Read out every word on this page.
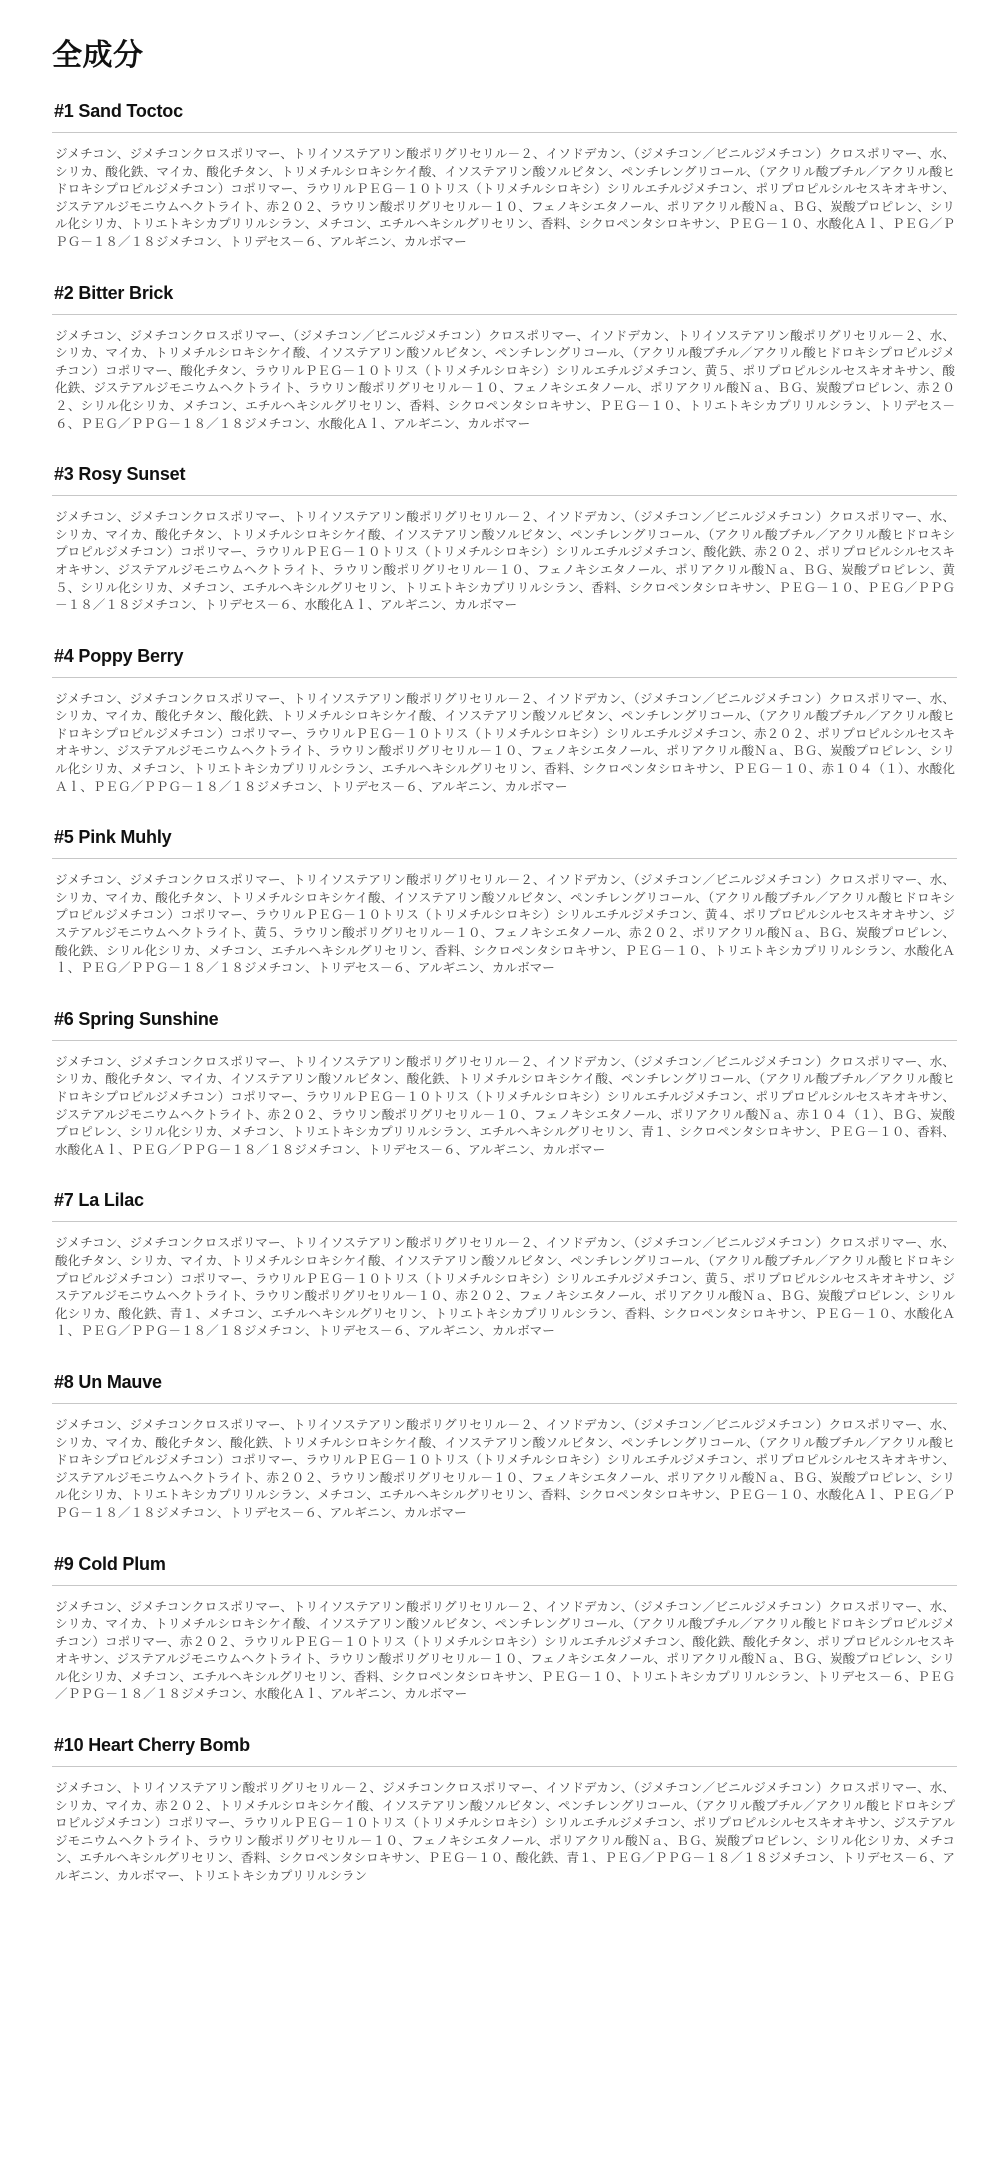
全成分
#1 Sand Toctoc

ジメチコン、ジメチコンクロスポリマー、トリイソステアリン酸ポリグリセリル－２、イソドデカン、（ジメチコン／ビニルジメチコン）クロスポリマー、水、シリカ、酸化鉄、マイカ、酸化チタン、トリメチルシロキシケイ酸、イソステアリン酸ソルビタン、ペンチレングリコール、（アクリル酸ブチル／アクリル酸ヒドロキシプロピルジメチコン）コポリマー、ラウリルＰＥＧ－１０トリス（トリメチルシロキシ）シリルエチルジメチコン、ポリプロピルシルセスキオキサン、ジステアルジモニウムヘクトライト、赤２０２、ラウリン酸ポリグリセリル－１０、フェノキシエタノール、ポリアクリル酸Ｎａ、ＢＧ、炭酸プロピレン、シリル化シリカ、トリエトキシカプリリルシラン、メチコン、エチルヘキシルグリセリン、香料、シクロペンタシロキサン、ＰＥＧ－１０、水酸化Ａｌ、ＰＥＧ／ＰＰＧ－１８／１８ジメチコン、トリデセス－６、アルギニン、カルボマー

#2 Bitter Brick

ジメチコン、ジメチコンクロスポリマー、（ジメチコン／ビニルジメチコン）クロスポリマー、イソドデカン、トリイソステアリン酸ポリグリセリル－２、水、シリカ、マイカ、トリメチルシロキシケイ酸、イソステアリン酸ソルビタン、ペンチレングリコール、（アクリル酸ブチル／アクリル酸ヒドロキシプロピルジメチコン）コポリマー、酸化チタン、ラウリルＰＥＧ－１０トリス（トリメチルシロキシ）シリルエチルジメチコン、黄５、ポリプロピルシルセスキオキサン、酸化鉄、ジステアルジモニウムヘクトライト、ラウリン酸ポリグリセリル－１０、フェノキシエタノール、ポリアクリル酸Ｎａ、ＢＧ、炭酸プロピレン、赤２０２、シリル化シリカ、メチコン、エチルヘキシルグリセリン、香料、シクロペンタシロキサン、ＰＥＧ－１０、トリエトキシカプリリルシラン、トリデセス－６、ＰＥＧ／ＰＰＧ－１８／１８ジメチコン、水酸化Ａｌ、アルギニン、カルボマー

#3 Rosy Sunset

ジメチコン、ジメチコンクロスポリマー、トリイソステアリン酸ポリグリセリル－２、イソドデカン、（ジメチコン／ビニルジメチコン）クロスポリマー、水、シリカ、マイカ、酸化チタン、トリメチルシロキシケイ酸、イソステアリン酸ソルビタン、ペンチレングリコール、（アクリル酸ブチル／アクリル酸ヒドロキシプロピルジメチコン）コポリマー、ラウリルＰＥＧ－１０トリス（トリメチルシロキシ）シリルエチルジメチコン、酸化鉄、赤２０２、ポリプロピルシルセスキオキサン、ジステアルジモニウムヘクトライト、ラウリン酸ポリグリセリル－１０、フェノキシエタノール、ポリアクリル酸Ｎａ、ＢＧ、炭酸プロピレン、黄５、シリル化シリカ、メチコン、エチルヘキシルグリセリン、トリエトキシカプリリルシラン、香料、シクロペンタシロキサン、ＰＥＧ－１０、ＰＥＧ／ＰＰＧ－１８／１８ジメチコン、トリデセス－６、水酸化Ａｌ、アルギニン、カルボマー

#4 Poppy Berry

ジメチコン、ジメチコンクロスポリマー、トリイソステアリン酸ポリグリセリル－２、イソドデカン、（ジメチコン／ビニルジメチコン）クロスポリマー、水、シリカ、マイカ、酸化チタン、酸化鉄、トリメチルシロキシケイ酸、イソステアリン酸ソルビタン、ペンチレングリコール、（アクリル酸ブチル／アクリル酸ヒドロキシプロピルジメチコン）コポリマー、ラウリルＰＥＧ－１０トリス（トリメチルシロキシ）シリルエチルジメチコン、赤２０２、ポリプロピルシルセスキオキサン、ジステアルジモニウムヘクトライト、ラウリン酸ポリグリセリル－１０、フェノキシエタノール、ポリアクリル酸Ｎａ、ＢＧ、炭酸プロピレン、シリル化シリカ、メチコン、トリエトキシカプリリルシラン、エチルヘキシルグリセリン、香料、シクロペンタシロキサン、ＰＥＧ－１０、赤１０４（１）、水酸化Ａｌ、ＰＥＧ／ＰＰＧ－１８／１８ジメチコン、トリデセス－６、アルギニン、カルボマー

#5 Pink Muhly

ジメチコン、ジメチコンクロスポリマー、トリイソステアリン酸ポリグリセリル－２、イソドデカン、（ジメチコン／ビニルジメチコン）クロスポリマー、水、シリカ、マイカ、酸化チタン、トリメチルシロキシケイ酸、イソステアリン酸ソルビタン、ペンチレングリコール、（アクリル酸ブチル／アクリル酸ヒドロキシプロピルジメチコン）コポリマー、ラウリルＰＥＧ－１０トリス（トリメチルシロキシ）シリルエチルジメチコン、黄４、ポリプロピルシルセスキオキサン、ジステアルジモニウムヘクトライト、黄５、ラウリン酸ポリグリセリル－１０、フェノキシエタノール、赤２０２、ポリアクリル酸Ｎａ、ＢＧ、炭酸プロピレン、酸化鉄、シリル化シリカ、メチコン、エチルヘキシルグリセリン、香料、シクロペンタシロキサン、ＰＥＧ－１０、トリエトキシカプリリルシラン、水酸化Ａｌ、ＰＥＧ／ＰＰＧ－１８／１８ジメチコン、トリデセス－６、アルギニン、カルボマー

#6 Spring Sunshine

ジメチコン、ジメチコンクロスポリマー、トリイソステアリン酸ポリグリセリル－２、イソドデカン、（ジメチコン／ビニルジメチコン）クロスポリマー、水、シリカ、酸化チタン、マイカ、イソステアリン酸ソルビタン、酸化鉄、トリメチルシロキシケイ酸、ペンチレングリコール、（アクリル酸ブチル／アクリル酸ヒドロキシプロピルジメチコン）コポリマー、ラウリルＰＥＧ－１０トリス（トリメチルシロキシ）シリルエチルジメチコン、ポリプロピルシルセスキオキサン、ジステアルジモニウムヘクトライト、赤２０２、ラウリン酸ポリグリセリル－１０、フェノキシエタノール、ポリアクリル酸Ｎａ、赤１０４（１）、ＢＧ、炭酸プロピレン、シリル化シリカ、メチコン、トリエトキシカプリリルシラン、エチルヘキシルグリセリン、青１、シクロペンタシロキサン、ＰＥＧ－１０、香料、水酸化Ａｌ、ＰＥＧ／ＰＰＧ－１８／１８ジメチコン、トリデセス－６、アルギニン、カルボマー

#7 La Lilac

ジメチコン、ジメチコンクロスポリマー、トリイソステアリン酸ポリグリセリル－２、イソドデカン、（ジメチコン／ビニルジメチコン）クロスポリマー、水、酸化チタン、シリカ、マイカ、トリメチルシロキシケイ酸、イソステアリン酸ソルビタン、ペンチレングリコール、（アクリル酸ブチル／アクリル酸ヒドロキシプロピルジメチコン）コポリマー、ラウリルＰＥＧ－１０トリス（トリメチルシロキシ）シリルエチルジメチコン、黄５、ポリプロピルシルセスキオキサン、ジステアルジモニウムヘクトライト、ラウリン酸ポリグリセリル－１０、赤２０２、フェノキシエタノール、ポリアクリル酸Ｎａ、ＢＧ、炭酸プロピレン、シリル化シリカ、酸化鉄、青１、メチコン、エチルヘキシルグリセリン、トリエトキシカプリリルシラン、香料、シクロペンタシロキサン、ＰＥＧ－１０、水酸化Ａｌ、ＰＥＧ／ＰＰＧ－１８／１８ジメチコン、トリデセス－６、アルギニン、カルボマー

#8 Un Mauve

ジメチコン、ジメチコンクロスポリマー、トリイソステアリン酸ポリグリセリル－２、イソドデカン、（ジメチコン／ビニルジメチコン）クロスポリマー、水、シリカ、マイカ、酸化チタン、酸化鉄、トリメチルシロキシケイ酸、イソステアリン酸ソルビタン、ペンチレングリコール、（アクリル酸ブチル／アクリル酸ヒドロキシプロピルジメチコン）コポリマー、ラウリルＰＥＧ－１０トリス（トリメチルシロキシ）シリルエチルジメチコン、ポリプロピルシルセスキオキサン、ジステアルジモニウムヘクトライト、赤２０２、ラウリン酸ポリグリセリル－１０、フェノキシエタノール、ポリアクリル酸Ｎａ、ＢＧ、炭酸プロピレン、シリル化シリカ、トリエトキシカプリリルシラン、メチコン、エチルヘキシルグリセリン、香料、シクロペンタシロキサン、ＰＥＧ－１０、水酸化Ａｌ、ＰＥＧ／ＰＰＧ－１８／１８ジメチコン、トリデセス－６、アルギニン、カルボマー

#9 Cold Plum

ジメチコン、ジメチコンクロスポリマー、トリイソステアリン酸ポリグリセリル－２、イソドデカン、（ジメチコン／ビニルジメチコン）クロスポリマー、水、シリカ、マイカ、トリメチルシロキシケイ酸、イソステアリン酸ソルビタン、ペンチレングリコール、（アクリル酸ブチル／アクリル酸ヒドロキシプロピルジメチコン）コポリマー、赤２０２、ラウリルＰＥＧ－１０トリス（トリメチルシロキシ）シリルエチルジメチコン、酸化鉄、酸化チタン、ポリプロピルシルセスキオキサン、ジステアルジモニウムヘクトライト、ラウリン酸ポリグリセリル－１０、フェノキシエタノール、ポリアクリル酸Ｎａ、ＢＧ、炭酸プロピレン、シリル化シリカ、メチコン、エチルヘキシルグリセリン、香料、シクロペンタシロキサン、ＰＥＧ－１０、トリエトキシカプリリルシラン、トリデセス－６、ＰＥＧ／ＰＰＧ－１８／１８ジメチコン、水酸化Ａｌ、アルギニン、カルボマー

#10 Heart Cherry Bomb

ジメチコン、トリイソステアリン酸ポリグリセリル－２、ジメチコンクロスポリマー、イソドデカン、（ジメチコン／ビニルジメチコン）クロスポリマー、水、シリカ、マイカ、赤２０２、トリメチルシロキシケイ酸、イソステアリン酸ソルビタン、ペンチレングリコール、（アクリル酸ブチル／アクリル酸ヒドロキシプロピルジメチコン）コポリマー、ラウリルＰＥＧ－１０トリス（トリメチルシロキシ）シリルエチルジメチコン、ポリプロピルシルセスキオキサン、ジステアルジモニウムヘクトライト、ラウリン酸ポリグリセリル－１０、フェノキシエタノール、ポリアクリル酸Ｎａ、ＢＧ、炭酸プロピレン、シリル化シリカ、メチコン、エチルヘキシルグリセリン、香料、シクロペンタシロキサン、ＰＥＧ－１０、酸化鉄、青１、ＰＥＧ／ＰＰＧ－１８／１８ジメチコン、トリデセス－６、アルギニン、カルボマー、トリエトキシカプリリルシラン
